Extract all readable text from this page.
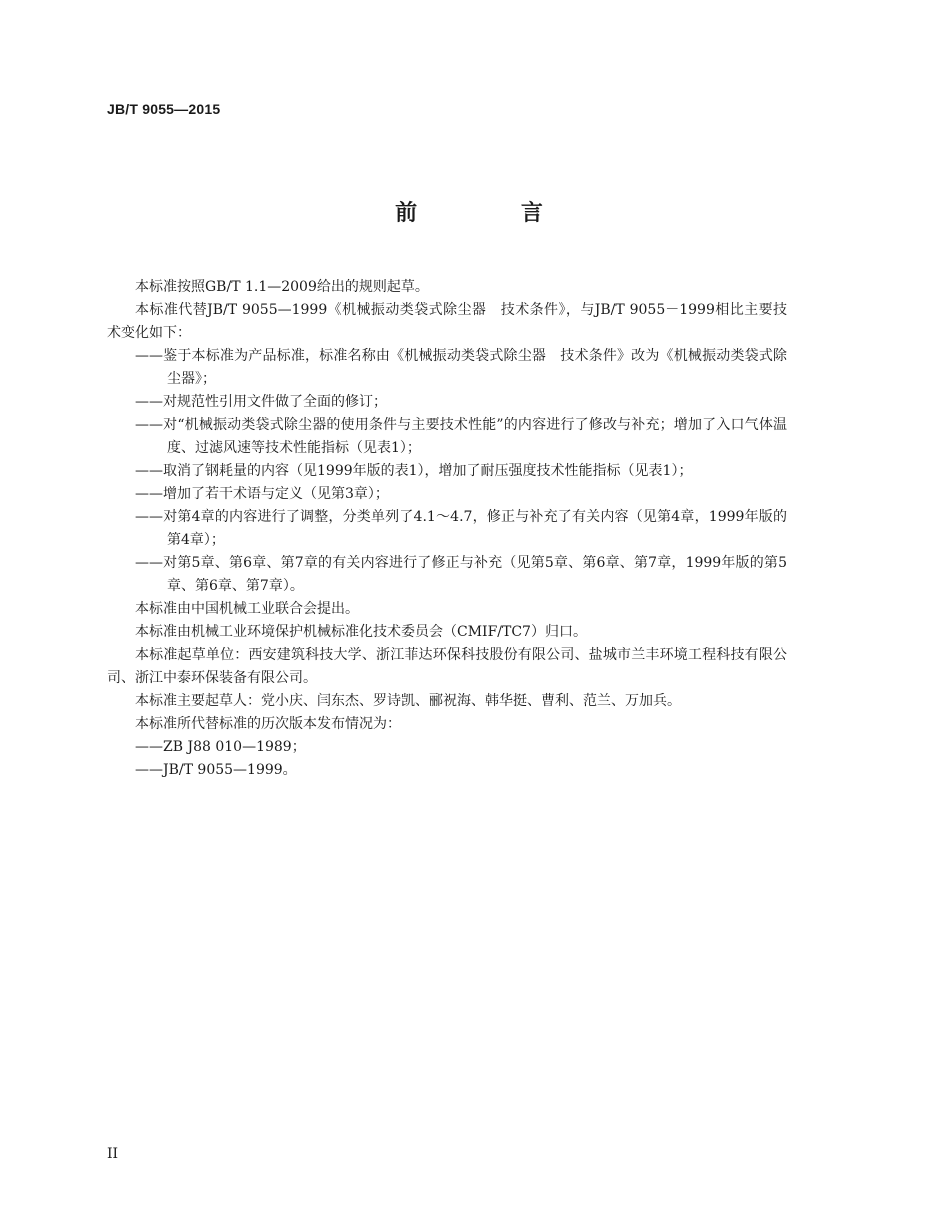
JB/T 9055—2015
前 言

本标准按照GB/T 1.1—2009给出的规则起草。

本标准代替JB/T 9055—1999《机械振动类袋式除尘器　技术条件》，与JB/T 9055－1999相比主要技术变化如下：

——鉴于本标准为产品标准，标准名称由《机械振动类袋式除尘器　技术条件》改为《机械振动类袋式除尘器》；

——对规范性引用文件做了全面的修订；

——对“机械振动类袋式除尘器的使用条件与主要技术性能”的内容进行了修改与补充；增加了入口气体温度、过滤风速等技术性能指标（见表1）；

——取消了钢耗量的内容（见1999年版的表1），增加了耐压强度技术性能指标（见表1）；

——增加了若干术语与定义（见第3章）；

——对第4章的内容进行了调整，分类单列了4.1～4.7，修正与补充了有关内容（见第4章，1999年版的第4章）；

——对第5章、第6章、第7章的有关内容进行了修正与补充（见第5章、第6章、第7章，1999年版的第5章、第6章、第7章）。

本标准由中国机械工业联合会提出。

本标准由机械工业环境保护机械标准化技术委员会（CMIF/TC7）归口。

本标准起草单位：西安建筑科技大学、浙江菲达环保科技股份有限公司、盐城市兰丰环境工程科技有限公司、浙江中泰环保装备有限公司。

本标准主要起草人：党小庆、闫东杰、罗诗凯、郦祝海、韩华挺、曹利、范兰、万加兵。

本标准所代替标准的历次版本发布情况为：

——ZB J88 010—1989；

——JB/T 9055—1999。

II
